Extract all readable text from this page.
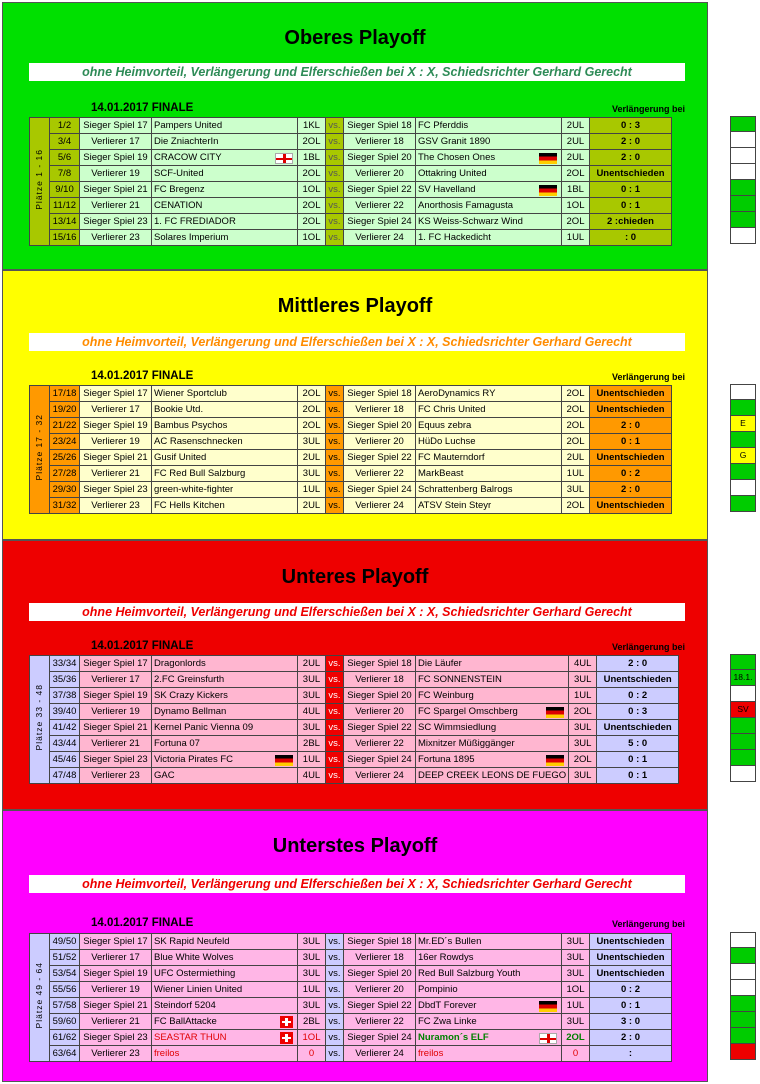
Oberes Playoff
ohne Heimvorteil, Verlängerung und Elferschießen bei X : X, Schiedsrichter Gerhard Gerecht
14.01.2017 FINALE	Verlängerung bei
Plätze 1 - 16	1/2	Sieger Spiel 17	Pampers United	1KL	vs.	Sieger Spiel 18	FC Pferddis	2UL	0 : 3
	3/4	Verlierer 17	Die ZniachterIn	2OL	vs.	Verlierer 18	GSV Granit 1890	2UL	2 : 0
	5/6	Sieger Spiel 19	CRACOW CITY	1BL	vs.	Sieger Spiel 20	The Chosen Ones	2UL	2 : 0
	7/8	Verlierer 19	SCF-United	2OL	vs.	Verlierer 20	Ottakring United	2OL	Unentschieden
	9/10	Sieger Spiel 21	FC Bregenz	1OL	vs.	Sieger Spiel 22	SV Havelland	1BL	0 : 1
	11/12	Verlierer 21	CENATION	2OL	vs.	Verlierer 22	Anorthosis Famagusta	1OL	0 : 1
	13/14	Sieger Spiel 23	1. FC FREDIADOR	2OL	vs.	Sieger Spiel 24	KS Weiss-Schwarz Wind	2OL	2 :chieden
	15/16	Verlierer 23	Solares Imperium	1OL	vs.	Verlierer 24	1. FC Hackedicht	1UL	: 0
Mittleres Playoff
ohne Heimvorteil, Verlängerung und Elferschießen bei X : X, Schiedsrichter Gerhard Gerecht
14.01.2017 FINALE	Verlängerung bei
Plätze 17 - 32	17/18	Sieger Spiel 17	Wiener Sportclub	2OL	vs.	Sieger Spiel 18	AeroDynamics RY	2OL	Unentschieden
	19/20	Verlierer 17	Bookie Utd.	2OL	vs.	Verlierer 18	FC Chris United	2OL	Unentschieden
	21/22	Sieger Spiel 19	Bambus Psychos	2OL	vs.	Sieger Spiel 20	Equus zebra	2OL	2 : 0
	23/24	Verlierer 19	AC Rasenschnecken	3UL	vs.	Verlierer 20	HüDo Luchse	2OL	0 : 1
	25/26	Sieger Spiel 21	Gusif United	2UL	vs.	Sieger Spiel 22	FC Mauterndorf	2UL	Unentschieden
	27/28	Verlierer 21	FC Red Bull Salzburg	3UL	vs.	Verlierer 22	MarkBeast	1UL	0 : 2
	29/30	Sieger Spiel 23	green-white-fighter	1UL	vs.	Sieger Spiel 24	Schrattenberg Balrogs	3UL	2 : 0
	31/32	Verlierer 23	FC Hells Kitchen	2UL	vs.	Verlierer 24	ATSV Stein Steyr	2OL	Unentschieden
E
G
Unteres Playoff
ohne Heimvorteil, Verlängerung und Elferschießen bei X : X, Schiedsrichter Gerhard Gerecht
14.01.2017 FINALE	Verlängerung bei
Plätze 33 - 48	33/34	Sieger Spiel 17	Dragonlords	2UL	vs.	Sieger Spiel 18	Die Läufer	4UL	2 : 0
	35/36	Verlierer 17	2.FC Greinsfurth	3UL	vs.	Verlierer 18	FC SONNENSTEIN	3UL	Unentschieden
	37/38	Sieger Spiel 19	SK Crazy Kickers	3UL	vs.	Sieger Spiel 20	FC Weinburg	1UL	0 : 2
	39/40	Verlierer 19	Dynamo Bellman	4UL	vs.	Verlierer 20	FC Spargel Omschberg	2OL	0 : 3
	41/42	Sieger Spiel 21	Kernel Panic Vienna 09	3UL	vs.	Sieger Spiel 22	SC Wimmsiedlung	3UL	Unentschieden
	43/44	Verlierer 21	Fortuna 07	2BL	vs.	Verlierer 22	Mixnitzer Müßiggänger	3UL	5 : 0
	45/46	Sieger Spiel 23	Victoria Pirates FC	1UL	vs.	Sieger Spiel 24	Fortuna 1895	2OL	0 : 1
	47/48	Verlierer 23	GAC	4UL	vs.	Verlierer 24	DEEP CREEK LEONS DE FUEGO	3UL	0 : 1
18.1.
SV
Unterstes Playoff
ohne Heimvorteil, Verlängerung und Elferschießen bei X : X, Schiedsrichter Gerhard Gerecht
14.01.2017 FINALE	Verlängerung bei
Plätze 49 - 64	49/50	Sieger Spiel 17	SK Rapid Neufeld	3UL	vs.	Sieger Spiel 18	Mr.ED´s Bullen	3UL	Unentschieden
	51/52	Verlierer 17	Blue White Wolves	3UL	vs.	Verlierer 18	16er Rowdys	3UL	Unentschieden
	53/54	Sieger Spiel 19	UFC Ostermiething	3UL	vs.	Sieger Spiel 20	Red Bull Salzburg Youth	3UL	Unentschieden
	55/56	Verlierer 19	Wiener Linien United	1UL	vs.	Verlierer 20	Pompinio	1OL	0 : 2
	57/58	Sieger Spiel 21	Steindorf 5204	3UL	vs.	Sieger Spiel 22	DbdT Forever	1UL	0 : 1
	59/60	Verlierer 21	FC BallAttacke	2BL	vs.	Verlierer 22	FC Zwa Linke	3UL	3 : 0
	61/62	Sieger Spiel 23	SEASTAR THUN	1OL	vs.	Sieger Spiel 24	Nuramon´s ELF	2OL	2 : 0
	63/64	Verlierer 23	freilos	0	vs.	Verlierer 24	freilos	0	:
